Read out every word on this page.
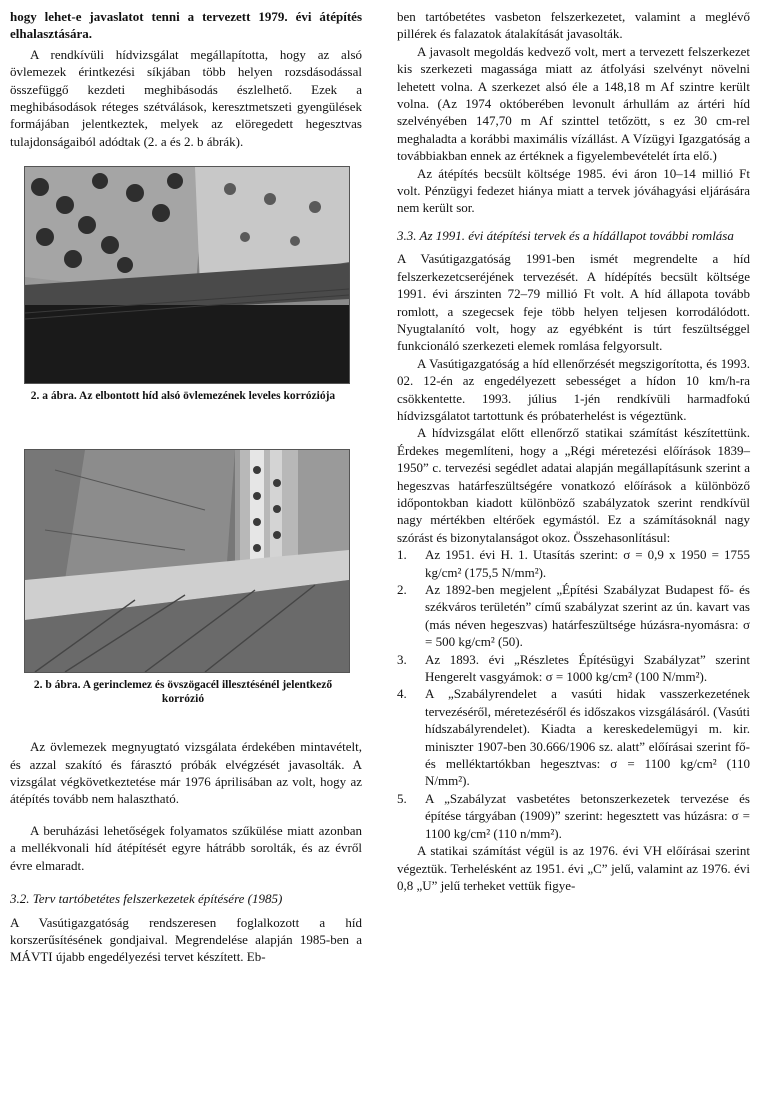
hogy lehet-e javaslatot tenni a tervezett 1979. évi átépítés elhalasztására.

A rendkívüli hídvizsgálat megállapította, hogy az alsó övlemezek érintkezési síkjában több helyen rozsdásodással összefüggő kezdeti meghibásodás észlelhető. Ezek a meghibásodások réteges szétválások, keresztmetszeti gyengülések formájában jelentkeztek, melyek az elöregedett hegesztvas tulajdonságaiból adódtak (2. a és 2. b ábrák).

2. a ábra. Az elbontott híd alsó övlemezének leveles korróziója

2. b ábra. A gerinclemez és övszögacél illesztésénél jelentkező korrózió

Az övlemezek megnyugtató vizsgálata érdekében mintavételt, és azzal szakító és fárasztó próbák elvégzését javasolták. A vizsgálat végkövetkeztetése már 1976 áprilisában az volt, hogy az átépítés tovább nem halasztható.

A beruházási lehetőségek folyamatos szűkülése miatt azonban a mellékvonali híd átépítését egyre hátrább sorolták, és az évről évre elmaradt.

3.2. Terv tartóbetétes felszerkezetek építésére (1985)

A Vasútigazgatóság rendszeresen foglalkozott a híd korszerűsítésének gondjaival. Megrendelése alapján 1985-ben a MÁVTI újabb engedélyezési tervet készített. Eb-

ben tartóbetétes vasbeton felszerkezetet, valamint a meglévő pillérek és falazatok átalakítását javasolták.

A javasolt megoldás kedvező volt, mert a tervezett felszerkezet kis szerkezeti magassága miatt az átfolyási szelvényt növelni lehetett volna. A szerkezet alsó éle a 148,18 m Af szintre került volna. (Az 1974 októberében levonult árhullám az ártéri híd szelvényében 147,70 m Af szinttel tetőzött, s ez 30 cm-rel meghaladta a korábbi maximális vízállást. A Vízügyi Igazgatóság a továbbiakban ennek az értéknek a figyelembevételét írta elő.)

Az átépítés becsült költsége 1985. évi áron 10–14 millió Ft volt. Pénzügyi fedezet hiánya miatt a tervek jóváhagyási eljárására nem került sor.

3.3. Az 1991. évi átépítési tervek és a hídállapot további romlása

A Vasútigazgatóság 1991-ben ismét megrendelte a híd felszerkezetcseréjének tervezését. A hídépítés becsült költsége 1991. évi árszinten 72–79 millió Ft volt. A híd állapota tovább romlott, a szegecsek feje több helyen teljesen korrodálódott. Nyugtalanító volt, hogy az egyébként is túrt feszültséggel funkcionáló szerkezeti elemek romlása felgyorsult.

A Vasútigazgatóság a híd ellenőrzését megszigorította, és 1993. 02. 12-én az engedélyezett sebességet a hídon 10 km/h-ra csökkentette. 1993. július 1-jén rendkívüli harmadfokú hídvizsgálatot tartottunk és próbaterhelést is végeztünk.

A hídvizsgálat előtt ellenőrző statikai számítást készítettünk. Érdekes megemlíteni, hogy a „Régi méretezési előírások 1839–1950” c. tervezési segédlet adatai alapján megállapításunk szerint a hegeszvas határfeszültségére vonatkozó előírások a különböző időpontokban kiadott különböző szabályzatok szerint rendkívül nagy mértékben eltérőek egymástól. Ez a számításoknál nagy szórást és bizonytalanságot okoz. Összehasonlításul:

1. Az 1951. évi H. 1. Utasítás szerint: σ = 0,9 x 1950 = 1755 kg/cm² (175,5 N/mm²).
2. Az 1892-ben megjelent „Építési Szabályzat Budapest fő- és székváros területén” című szabályzat szerint az ún. kavart vas (más néven hegeszvas) határfeszültsége húzásra-nyomásra: σ = 500 kg/cm² (50).
3. Az 1893. évi „Részletes Építésügyi Szabályzat” szerint Hengerelt vasgyámok: σ = 1000 kg/cm² (100 N/mm²).
4. A „Szabályrendelet a vasúti hidak vasszerkezetének tervezéséről, méretezéséről és időszakos vizsgálásáról. (Vasúti hídszabályrendelet). Kiadta a kereskedelemügyi m. kir. miniszter 1907-ben 30.666/1906 sz. alatt” előírásai szerint fő- és melléktartókban hegesztvas: σ = 1100 kg/cm² (110 N/mm²).
5. A „Szabályzat vasbetétes betonszerkezetek tervezése és építése tárgyában (1909)” szerint: hegesztett vas húzásra: σ = 1100 kg/cm² (110 n/mm²).

A statikai számítást végül is az 1976. évi VH előírásai szerint végeztük. Terhelésként az 1951. évi „C” jelű, valamint az 1976. évi 0,8 „U” jelű terheket vettük figye-
